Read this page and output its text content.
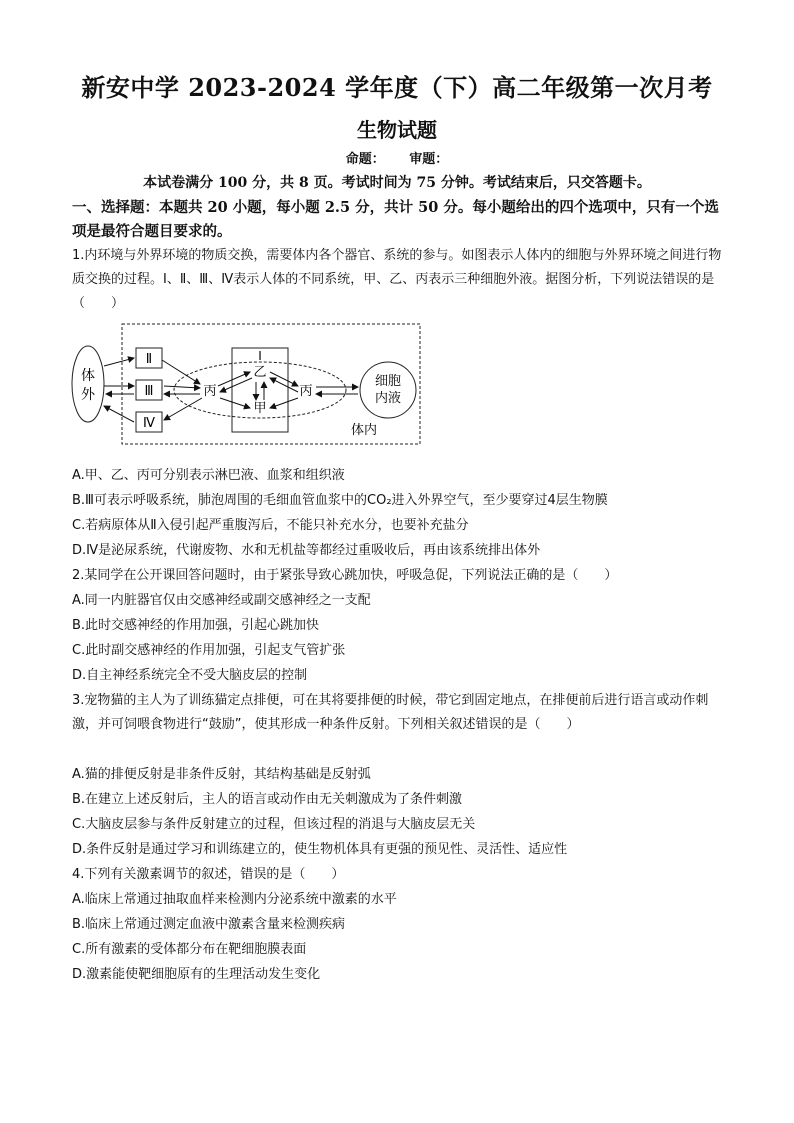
新安中学 2023-2024 学年度（下）高二年级第一次月考
生物试题
命题： 审题：
本试卷满分 100 分，共 8 页。考试时间为 75 分钟。考试结束后，只交答题卡。
一、选择题：本题共 20 小题，每小题 2.5 分，共计 50 分。每小题给出的四个选项中，只有一个选项是最符合题目要求的。
1.内环境与外界环境的物质交换，需要体内各个器官、系统的参与。如图表示人体内的细胞与外界环境之间进行物质交换的过程。Ⅰ、Ⅱ、Ⅲ、Ⅳ表示人体的不同系统，甲、乙、丙表示三种细胞外液。据图分析，下列说法错误的是（　　）
体
外
Ⅱ
Ⅲ
Ⅳ
Ⅰ
丙
乙
甲
丙
细胞
内液
体内
A.甲、乙、丙可分别表示淋巴液、血浆和组织液
B.Ⅲ可表示呼吸系统，肺泡周围的毛细血管血浆中的CO₂进入外界空气，至少要穿过4层生物膜
C.若病原体从Ⅱ入侵引起严重腹泻后，不能只补充水分，也要补充盐分
D.Ⅳ是泌尿系统，代谢废物、水和无机盐等都经过重吸收后，再由该系统排出体外
2.某同学在公开课回答问题时，由于紧张导致心跳加快，呼吸急促，下列说法正确的是（　　）
A.同一内脏器官仅由交感神经或副交感神经之一支配
B.此时交感神经的作用加强，引起心跳加快
C.此时副交感神经的作用加强，引起支气管扩张
D.自主神经系统完全不受大脑皮层的控制
3.宠物猫的主人为了训练猫定点排便，可在其将要排便的时候，带它到固定地点，在排便前后进行语言或动作刺激，并可饲喂食物进行“鼓励”，使其形成一种条件反射。下列相关叙述错误的是（　　）
A.猫的排便反射是非条件反射，其结构基础是反射弧
B.在建立上述反射后，主人的语言或动作由无关刺激成为了条件刺激
C.大脑皮层参与条件反射建立的过程，但该过程的消退与大脑皮层无关
D.条件反射是通过学习和训练建立的，使生物机体具有更强的预见性、灵活性、适应性
4.下列有关激素调节的叙述，错误的是（　　）
A.临床上常通过抽取血样来检测内分泌系统中激素的水平
B.临床上常通过测定血液中激素含量来检测疾病
C.所有激素的受体都分布在靶细胞膜表面
D.激素能使靶细胞原有的生理活动发生变化
